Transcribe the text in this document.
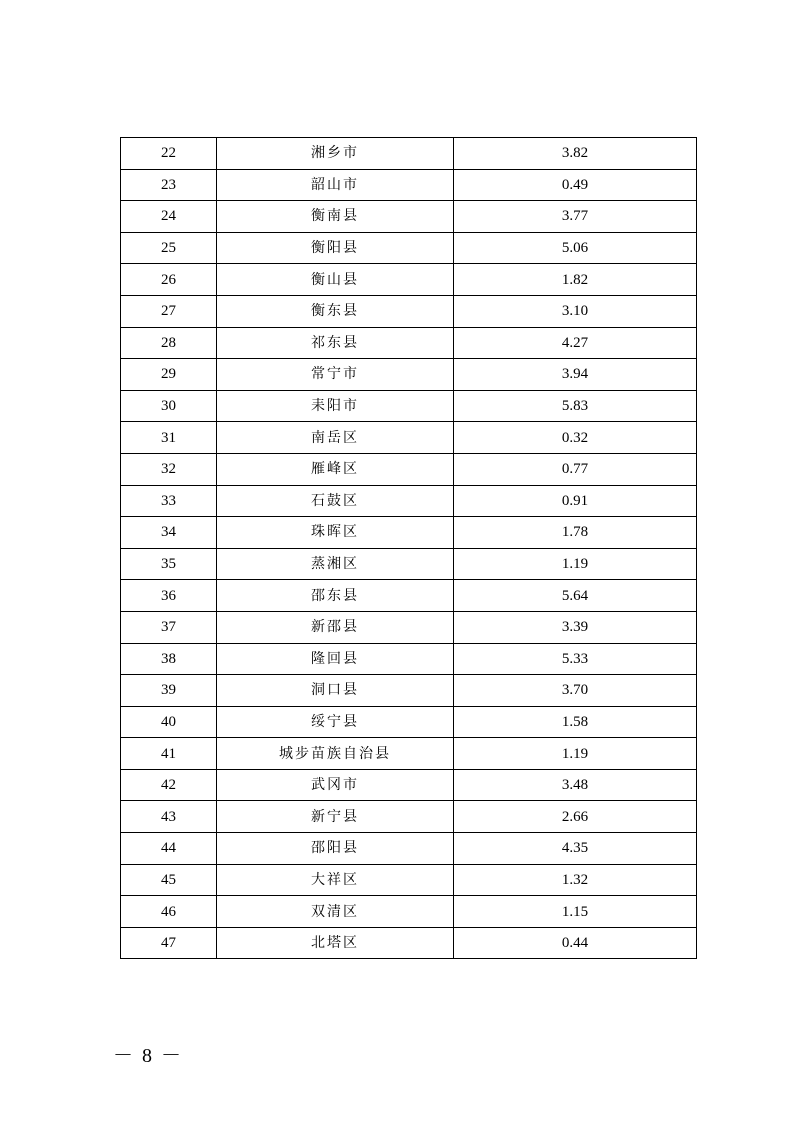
22	湘乡市	3.82
23	韶山市	0.49
24	衡南县	3.77
25	衡阳县	5.06
26	衡山县	1.82
27	衡东县	3.10
28	祁东县	4.27
29	常宁市	3.94
30	耒阳市	5.83
31	南岳区	0.32
32	雁峰区	0.77
33	石鼓区	0.91
34	珠晖区	1.78
35	蒸湘区	1.19
36	邵东县	5.64
37	新邵县	3.39
38	隆回县	5.33
39	洞口县	3.70
40	绥宁县	1.58
41	城步苗族自治县	1.19
42	武冈市	3.48
43	新宁县	2.66
44	邵阳县	4.35
45	大祥区	1.32
46	双清区	1.15
47	北塔区	0.44
－ 8 －
